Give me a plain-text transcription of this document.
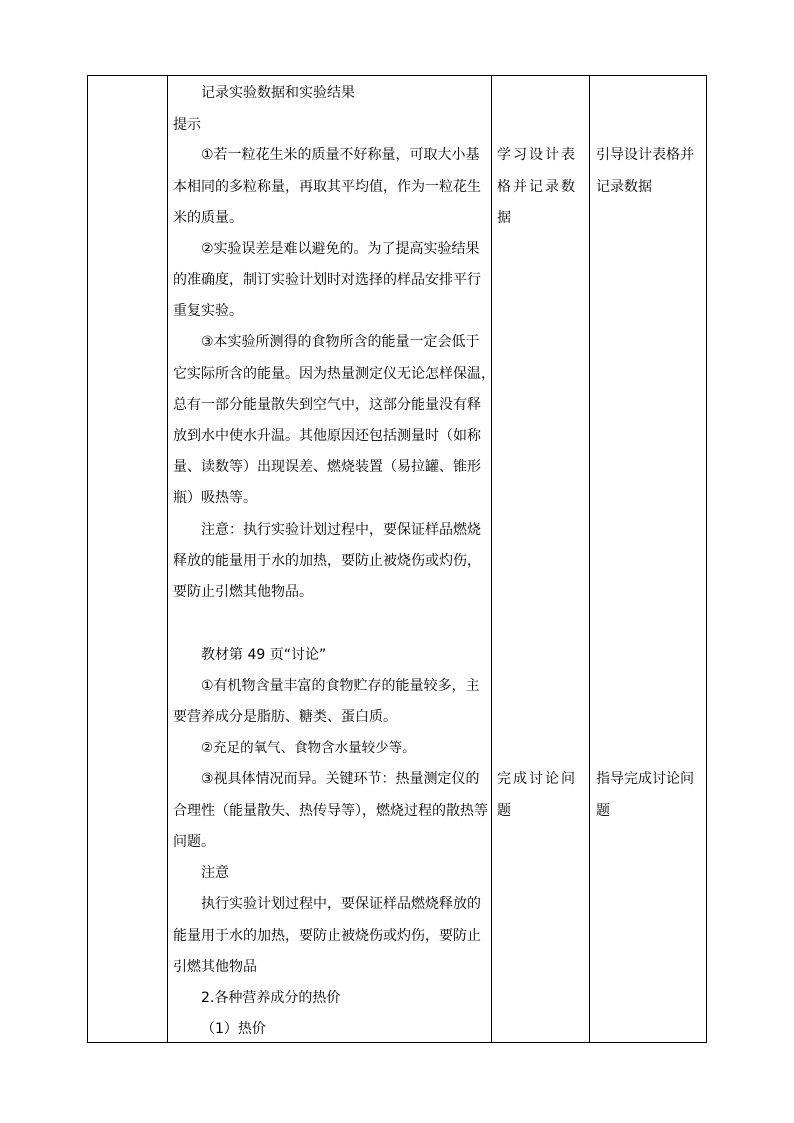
记录实验数据和实验结果
提示
①若一粒花生米的质量不好称量，可取大小基
本相同的多粒称量，再取其平均值，作为一粒花生
米的质量。
②实验误差是难以避免的。为了提高实验结果
的准确度，制订实验计划时对选择的样品安排平行
重复实验。
③本实验所测得的食物所含的能量一定会低于
它实际所含的能量。因为热量测定仪无论怎样保温，
总有一部分能量散失到空气中，这部分能量没有释
放到水中使水升温。其他原因还包括测量时（如称
量、读数等）出现误差、燃烧装置（易拉罐、锥形
瓶）吸热等。
注意：执行实验计划过程中，要保证样品燃烧
释放的能量用于水的加热，要防止被烧伤或灼伤，
要防止引燃其他物品。
教材第 49 页“讨论”
①有机物含量丰富的食物贮存的能量较多，主
要营养成分是脂肪、糖类、蛋白质。
②充足的氧气、食物含水量较少等。
③视具体情况而异。关键环节：热量测定仪的
合理性（能量散失、热传导等），燃烧过程的散热等
问题。
注意
执行实验计划过程中，要保证样品燃烧释放的
能量用于水的加热，要防止被烧伤或灼伤，要防止
引燃其他物品
2.各种营养成分的热价
（1）热价
学习设计表
格并记录数
据
完成讨论问
题
引导设计表格并
记录数据
指导完成讨论问
题
